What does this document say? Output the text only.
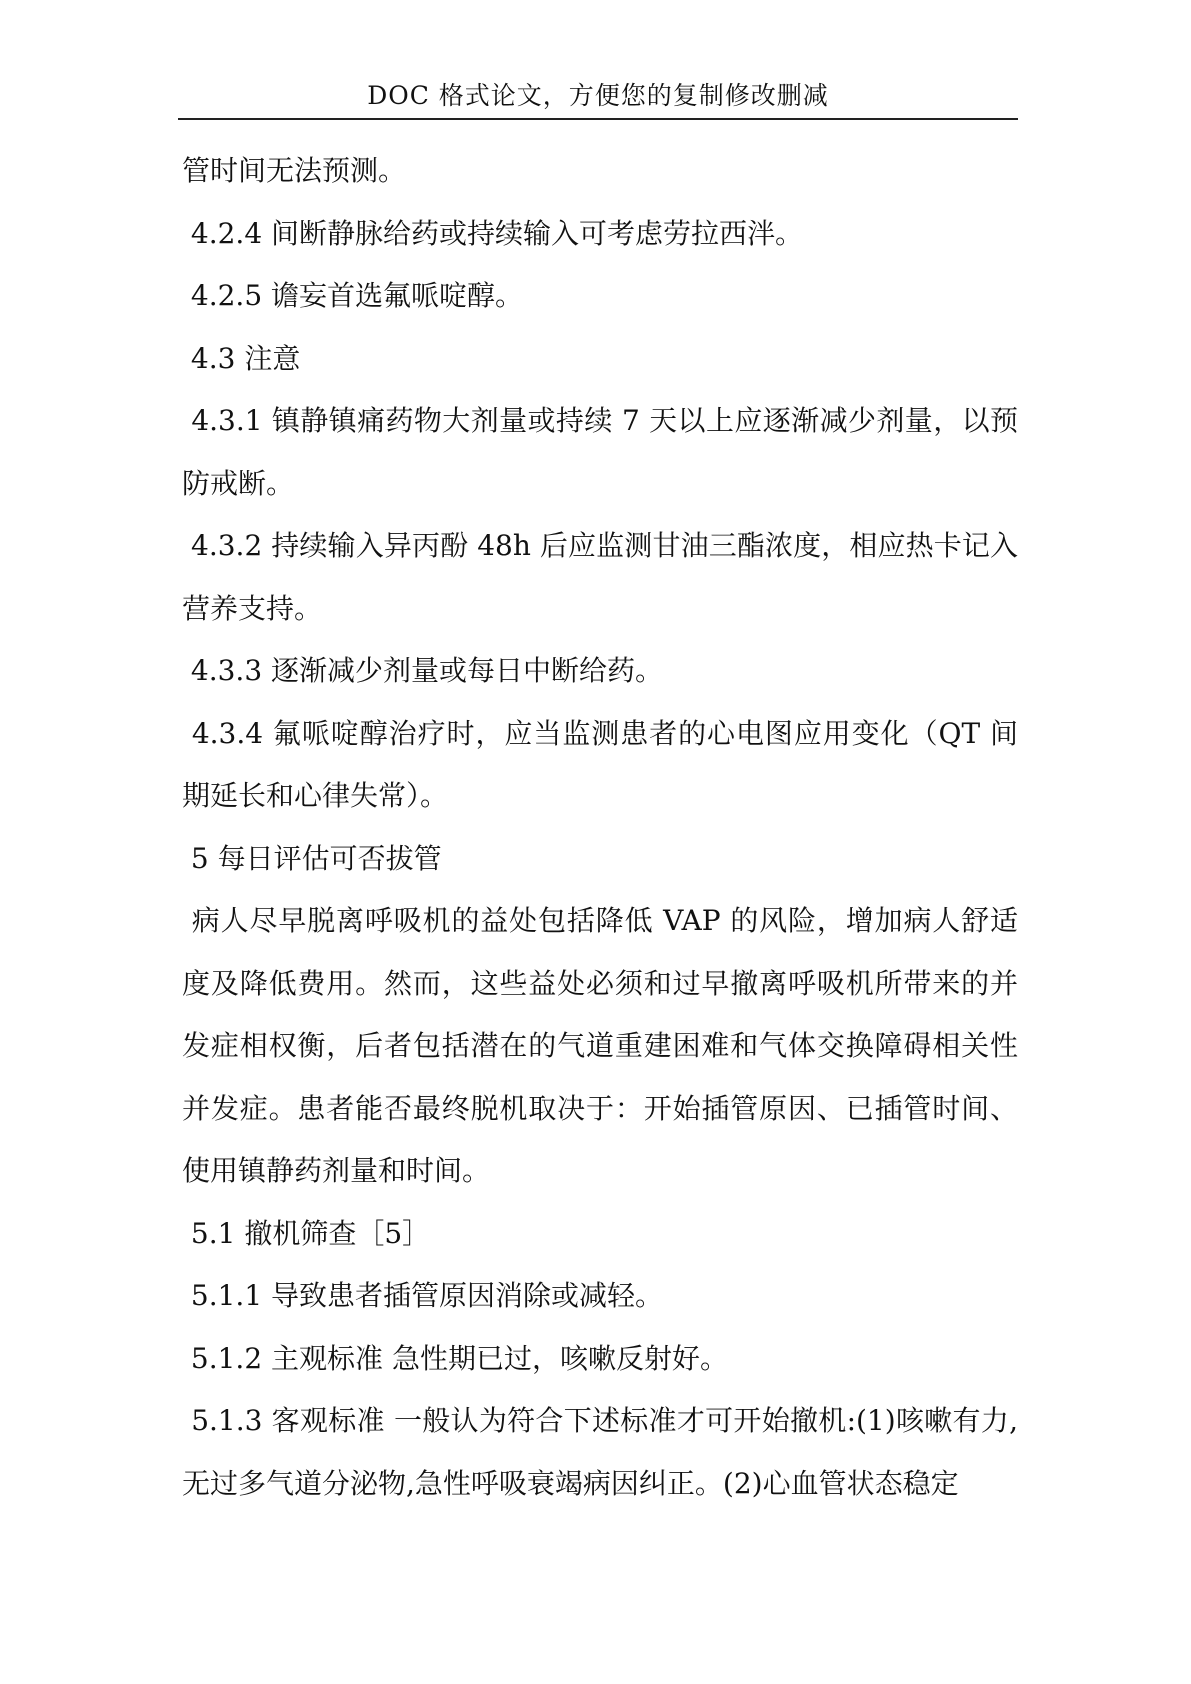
DOC 格式论文，方便您的复制修改删减

管时间无法预测。

4.2.4 间断静脉给药或持续输入可考虑劳拉西泮。

4.2.5 谵妄首选氟哌啶醇。

4.3 注意

4.3.1 镇静镇痛药物大剂量或持续 7 天以上应逐渐减少剂量，以预防戒断。

4.3.2 持续输入异丙酚 48h 后应监测甘油三酯浓度，相应热卡记入营养支持。

4.3.3 逐渐减少剂量或每日中断给药。

4.3.4 氟哌啶醇治疗时，应当监测患者的心电图应用变化（QT 间期延长和心律失常）。

5 每日评估可否拔管

病人尽早脱离呼吸机的益处包括降低 VAP 的风险，增加病人舒适度及降低费用。然而，这些益处必须和过早撤离呼吸机所带来的并发症相权衡，后者包括潜在的气道重建困难和气体交换障碍相关性并发症。患者能否最终脱机取决于：开始插管原因、已插管时间、使用镇静药剂量和时间。

5.1 撤机筛查［5］

5.1.1 导致患者插管原因消除或减轻。

5.1.2 主观标准 急性期已过，咳嗽反射好。

5.1.3 客观标准 一般认为符合下述标准才可开始撤机:(1)咳嗽有力,无过多气道分泌物,急性呼吸衰竭病因纠正。(2)心血管状态稳定
